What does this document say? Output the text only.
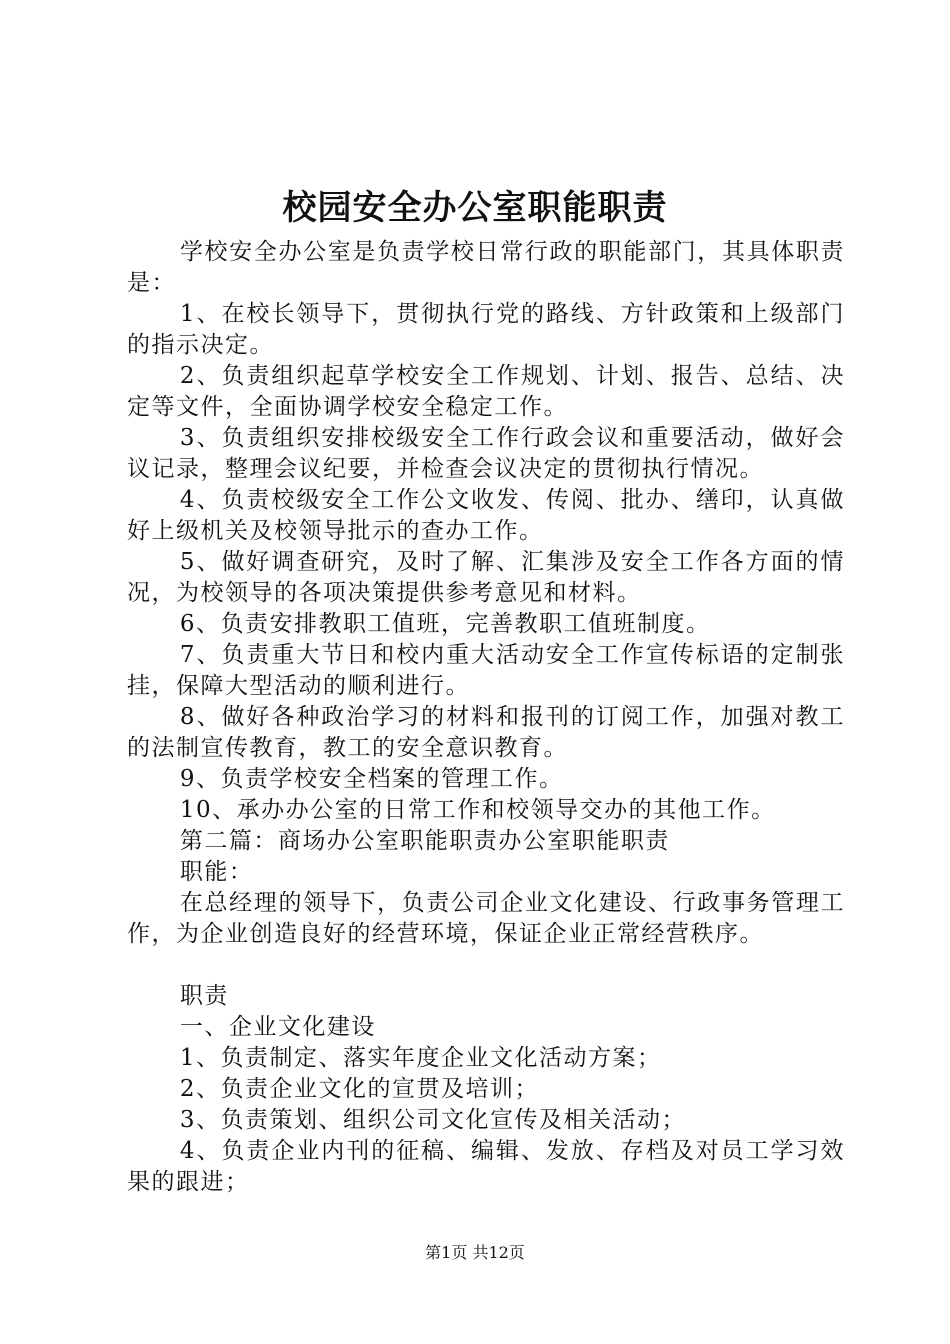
校园安全办公室职能职责

学校安全办公室是负责学校日常行政的职能部门，其具体职责是：

1、在校长领导下，贯彻执行党的路线、方针政策和上级部门的指示决定。

2、负责组织起草学校安全工作规划、计划、报告、总结、决定等文件，全面协调学校安全稳定工作。

3、负责组织安排校级安全工作行政会议和重要活动，做好会议记录，整理会议纪要，并检查会议决定的贯彻执行情况。

4、负责校级安全工作公文收发、传阅、批办、缮印，认真做好上级机关及校领导批示的查办工作。

5、做好调查研究，及时了解、汇集涉及安全工作各方面的情况，为校领导的各项决策提供参考意见和材料。

6、负责安排教职工值班，完善教职工值班制度。

7、负责重大节日和校内重大活动安全工作宣传标语的定制张挂，保障大型活动的顺利进行。

8、做好各种政治学习的材料和报刊的订阅工作，加强对教工的法制宣传教育，教工的安全意识教育。

9、负责学校安全档案的管理工作。

10、承办办公室的日常工作和校领导交办的其他工作。

第二篇：商场办公室职能职责办公室职能职责

职能：

在总经理的领导下，负责公司企业文化建设、行政事务管理工作，为企业创造良好的经营环境，保证企业正常经营秩序。

职责

一、企业文化建设

1、负责制定、落实年度企业文化活动方案；

2、负责企业文化的宣贯及培训；

3、负责策划、组织公司文化宣传及相关活动；

4、负责企业内刊的征稿、编辑、发放、存档及对员工学习效果的跟进；

第1页 共12页
